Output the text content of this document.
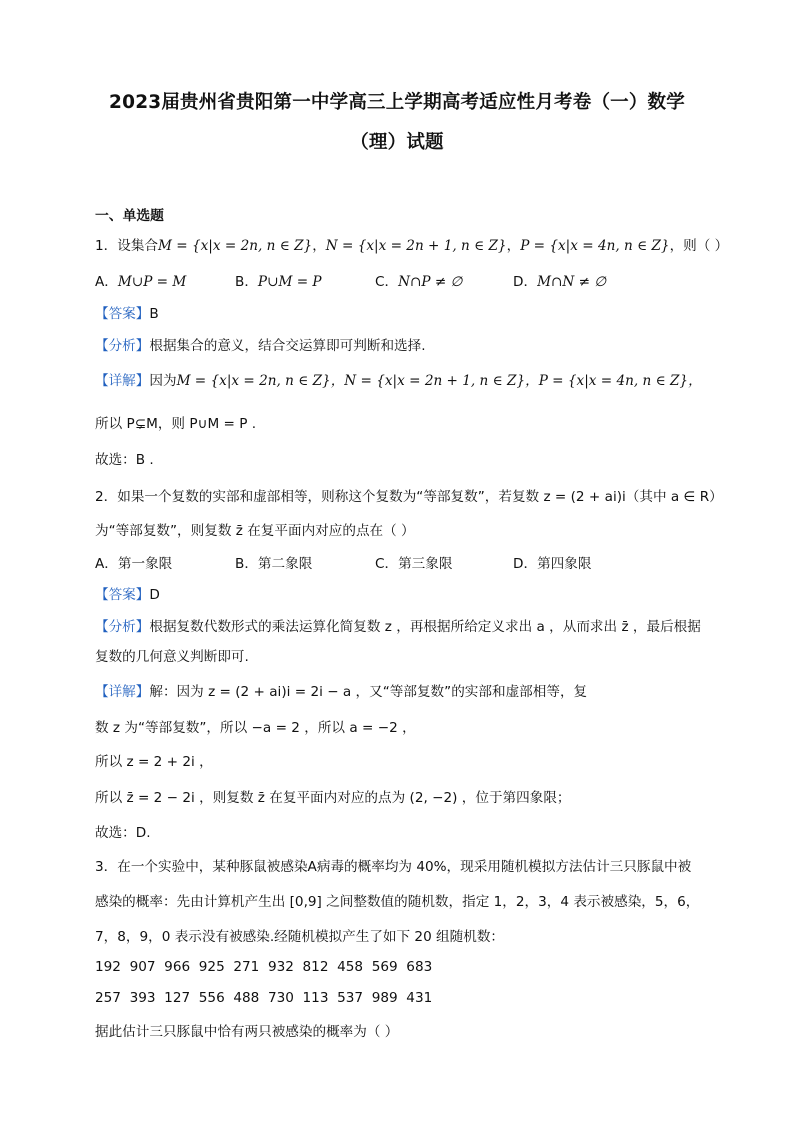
2023届贵州省贵阳第一中学高三上学期高考适应性月考卷（一）数学
（理）试题
一、单选题
1．设集合M = {x|x = 2n, n ∈ Z}，N = {x|x = 2n + 1, n ∈ Z}，P = {x|x = 4n, n ∈ Z}，则（ ）
A．M∪P = M	B．P∪M = P	C．N∩P ≠ ∅	D．M∩N ≠ ∅
【答案】B
【分析】根据集合的意义，结合交运算即可判断和选择.
【详解】因为M = {x|x = 2n, n ∈ Z}，N = {x|x = 2n + 1, n ∈ Z}，P = {x|x = 4n, n ∈ Z}，
所以 P⊊M，则 P∪M = P .
故选：B .
2．如果一个复数的实部和虚部相等，则称这个复数为“等部复数”，若复数 z = (2 + ai)i（其中 a ∈ R）
为“等部复数”，则复数 z̄ 在复平面内对应的点在（ ）
A．第一象限	B．第二象限	C．第三象限	D．第四象限
【答案】D
【分析】根据复数代数形式的乘法运算化简复数 z ，再根据所给定义求出 a ，从而求出 z̄ ，最后根据
复数的几何意义判断即可.
【详解】解：因为 z = (2 + ai)i = 2i − a ，又“等部复数”的实部和虚部相等，复
数 z 为“等部复数”，所以 −a = 2 ，所以 a = −2 ，
所以 z = 2 + 2i ，
所以 z̄ = 2 − 2i ，则复数 z̄ 在复平面内对应的点为 (2, −2) ，位于第四象限；
故选：D.
3．在一个实验中，某种豚鼠被感染A病毒的概率均为 40%，现采用随机模拟方法估计三只豚鼠中被
感染的概率：先由计算机产生出 [0,9] 之间整数值的随机数，指定 1，2，3，4 表示被感染，5，6，
7，8，9，0 表示没有被感染.经随机模拟产生了如下 20 组随机数：
192  907  966  925  271  932  812  458  569  683
257  393  127  556  488  730  113  537  989  431
据此估计三只豚鼠中恰有两只被感染的概率为（ ）
